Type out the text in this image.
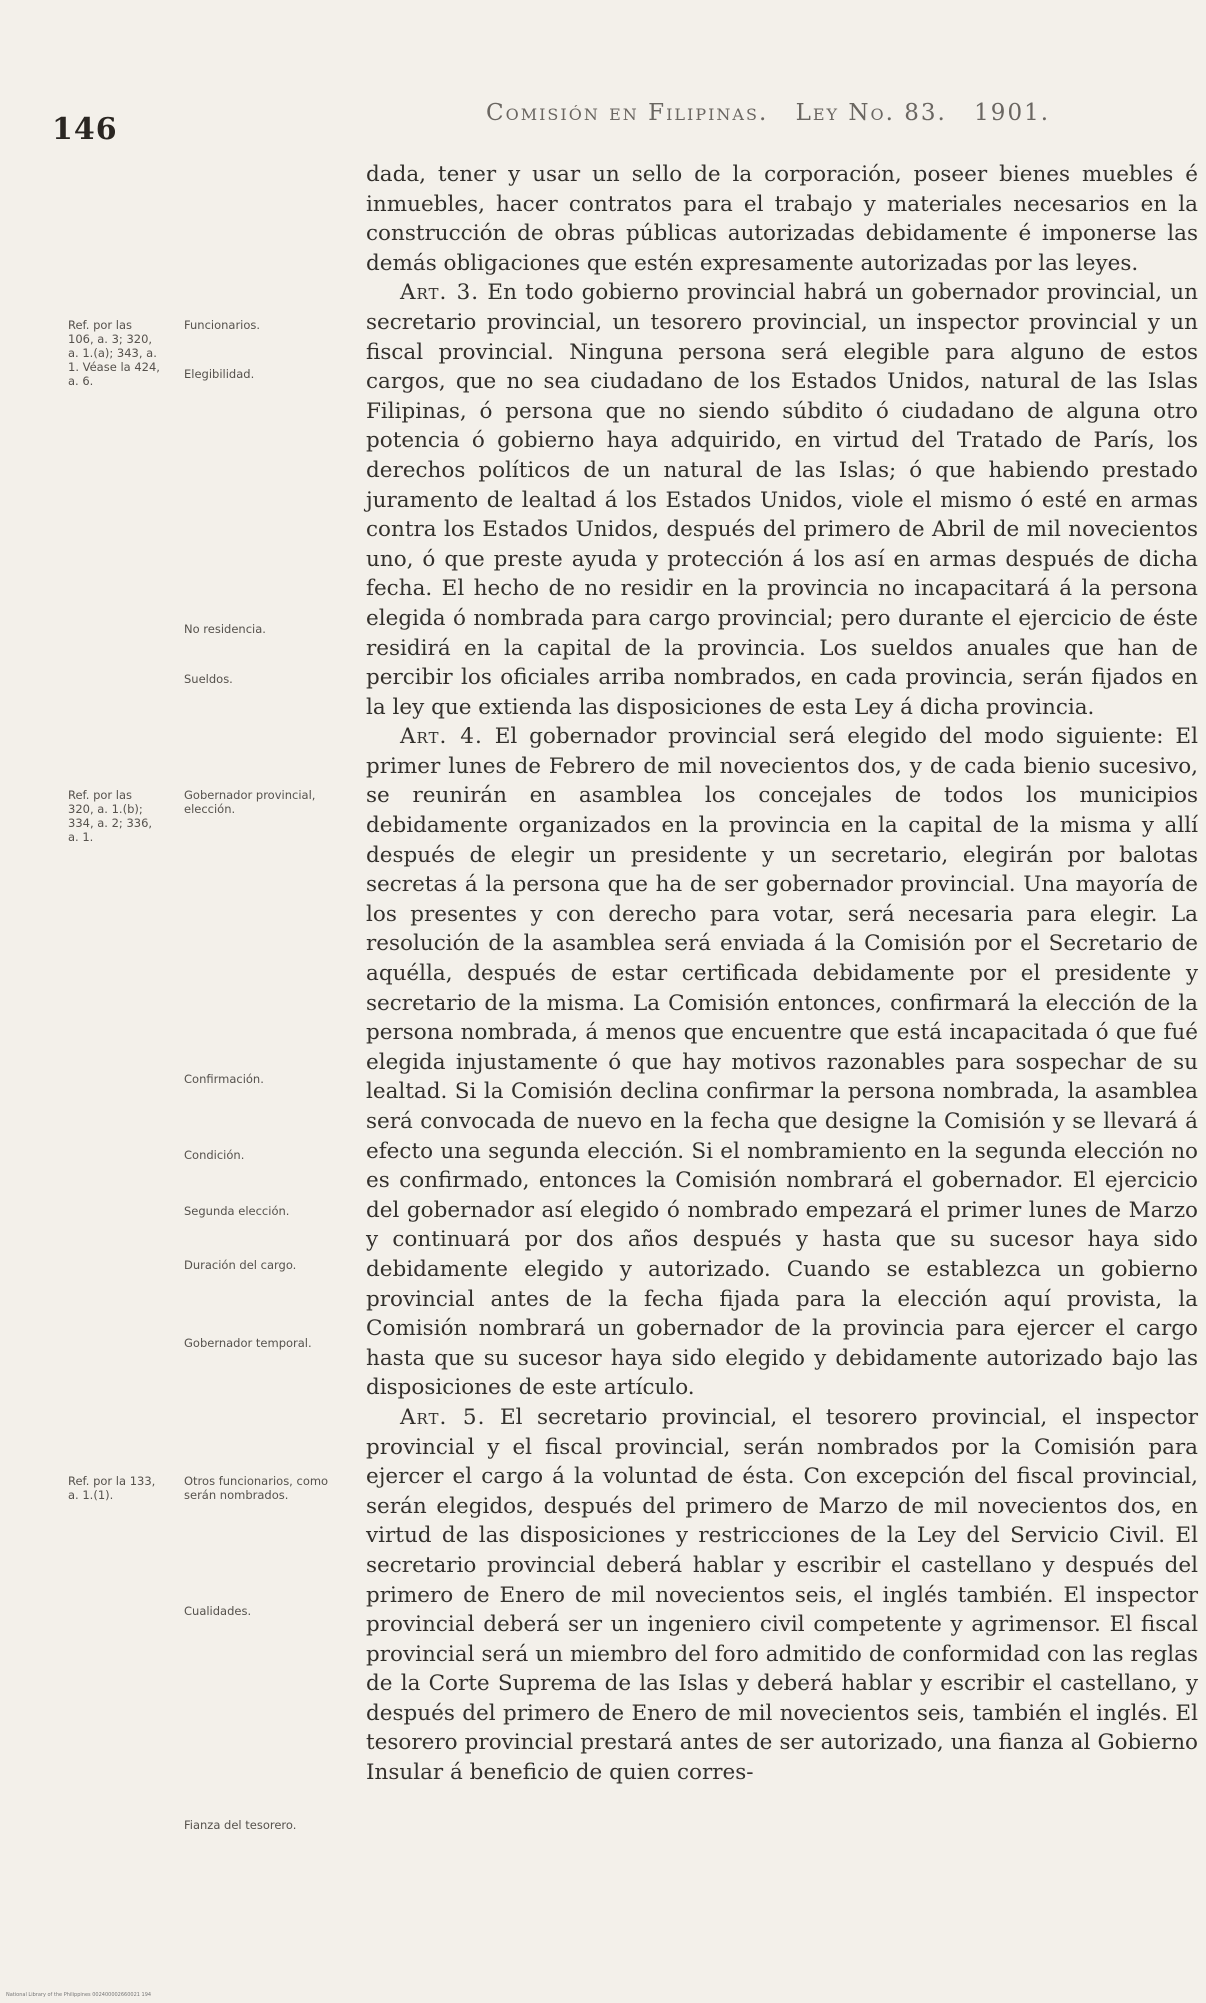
146	Comisión en Filipinas. Ley No. 83. 1901.
Ref. por las 106, a. 3; 320, a. 1.(a); 343, a. 1. Véase la 424, a. 6.
Ref. por las 320, a. 1.(b); 334, a. 2; 336, a. 1.
Ref. por la 133, a. 1.(1).
Funcionarios.
Elegibilidad.
No residencia.
Sueldos.
Gobernador provincial, elección.
Confirmación.
Condición.
Segunda elección.
Duración del cargo.
Gobernador temporal.
Otros funcionarios, como serán nombrados.
Cualidades.
Fianza del tesorero.

dada, tener y usar un sello de la corporación, poseer bienes muebles é inmuebles, hacer contratos para el trabajo y materiales necesarios en la construcción de obras públicas autorizadas debidamente é imponerse las demás obligaciones que estén expresamente autorizadas por las leyes.

Art. 3. En todo gobierno provincial habrá un gobernador provincial, un secretario provincial, un tesorero provincial, un inspector provincial y un fiscal provincial. Ninguna persona será elegible para alguno de estos cargos, que no sea ciudadano de los Estados Unidos, natural de las Islas Filipinas, ó persona que no siendo súbdito ó ciudadano de alguna otro potencia ó gobierno haya adquirido, en virtud del Tratado de París, los derechos políticos de un natural de las Islas; ó que habiendo prestado juramento de lealtad á los Estados Unidos, viole el mismo ó esté en armas contra los Estados Unidos, después del primero de Abril de mil novecientos uno, ó que preste ayuda y protección á los así en armas después de dicha fecha. El hecho de no residir en la provincia no incapacitará á la persona elegida ó nombrada para cargo provincial; pero durante el ejercicio de éste residirá en la capital de la provincia. Los sueldos anuales que han de percibir los oficiales arriba nombrados, en cada provincia, serán fijados en la ley que extienda las disposiciones de esta Ley á dicha provincia.

Art. 4. El gobernador provincial será elegido del modo siguiente: El primer lunes de Febrero de mil novecientos dos, y de cada bienio sucesivo, se reunirán en asamblea los concejales de todos los municipios debidamente organizados en la provincia en la capital de la misma y allí después de elegir un presidente y un secretario, elegirán por balotas secretas á la persona que ha de ser gobernador provincial. Una mayoría de los presentes y con derecho para votar, será necesaria para elegir. La resolución de la asamblea será enviada á la Comisión por el Secretario de aquélla, después de estar certificada debidamente por el presidente y secretario de la misma. La Comisión entonces, confirmará la elección de la persona nombrada, á menos que encuentre que está incapacitada ó que fué elegida injustamente ó que hay motivos razonables para sospechar de su lealtad. Si la Comisión declina confirmar la persona nombrada, la asamblea será convocada de nuevo en la fecha que designe la Comisión y se llevará á efecto una segunda elección. Si el nombramiento en la segunda elección no es confirmado, entonces la Comisión nombrará el gobernador. El ejercicio del gobernador así elegido ó nombrado empezará el primer lunes de Marzo y continuará por dos años después y hasta que su sucesor haya sido debidamente elegido y autorizado. Cuando se establezca un gobierno provincial antes de la fecha fijada para la elección aquí provista, la Comisión nombrará un gobernador de la provincia para ejercer el cargo hasta que su sucesor haya sido elegido y debidamente autorizado bajo las disposiciones de este artículo.

Art. 5. El secretario provincial, el tesorero provincial, el inspector provincial y el fiscal provincial, serán nombrados por la Comisión para ejercer el cargo á la voluntad de ésta. Con excepción del fiscal provincial, serán elegidos, después del primero de Marzo de mil novecientos dos, en virtud de las disposiciones y restricciones de la Ley del Servicio Civil. El secretario provincial deberá hablar y escribir el castellano y después del primero de Enero de mil novecientos seis, el inglés también. El inspector provincial deberá ser un ingeniero civil competente y agrimensor. El fiscal provincial será un miembro del foro admitido de conformidad con las reglas de la Corte Suprema de las Islas y deberá hablar y escribir el castellano, y después del primero de Enero de mil novecientos seis, también el inglés. El tesorero provincial prestará antes de ser autorizado, una fianza al Gobierno Insular á beneficio de quien corres-

National Library of the Philippines 002400002660021 194
